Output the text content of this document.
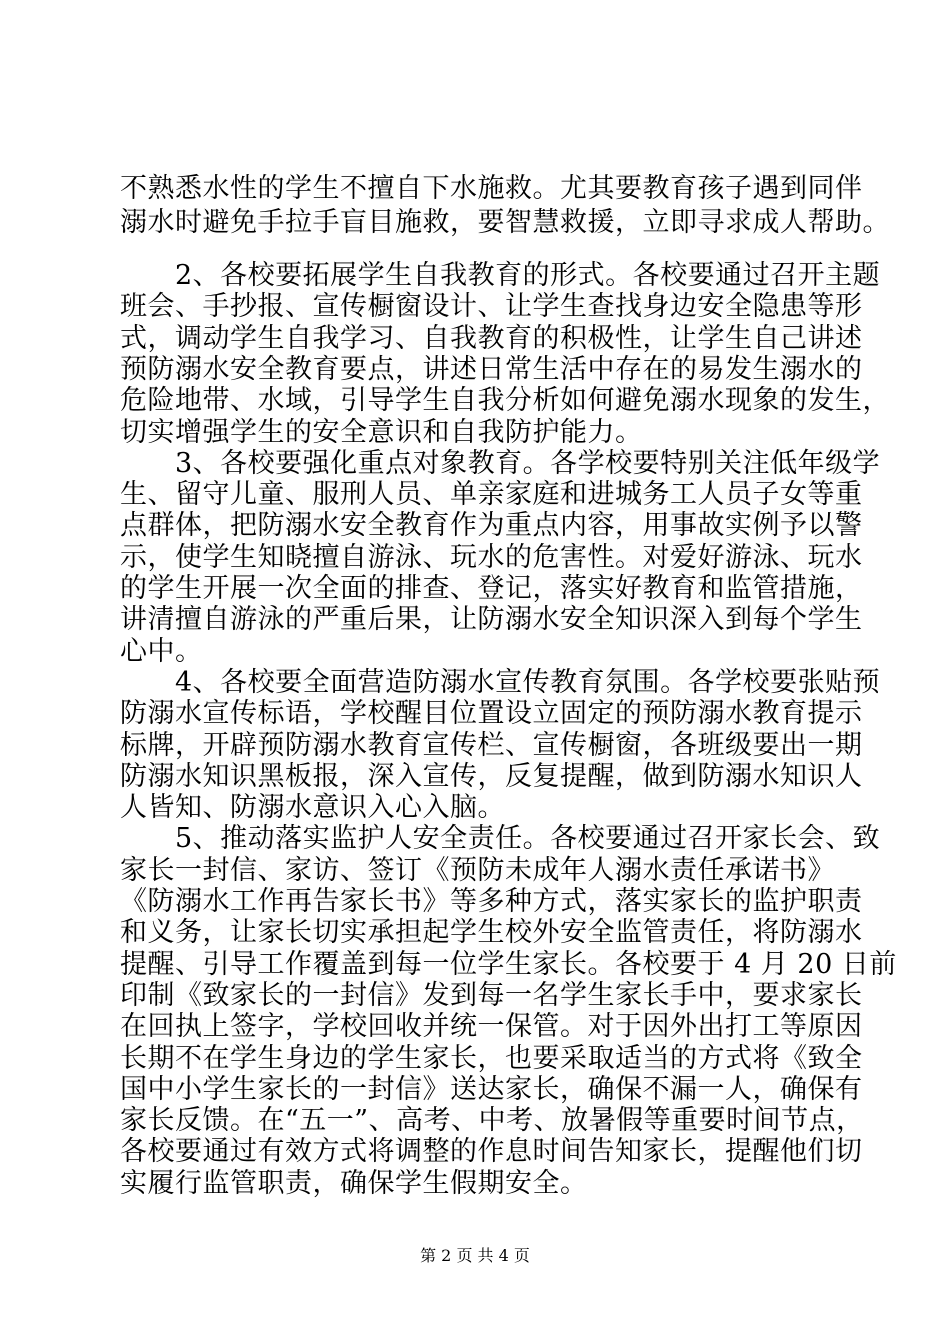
不熟悉水性的学生不擅自下水施救。尤其要教育孩子遇到同伴
溺水时避免手拉手盲目施救，要智慧救援，立即寻求成人帮助。
　　2、各校要拓展学生自我教育的形式。各校要通过召开主题
班会、手抄报、宣传橱窗设计、让学生查找身边安全隐患等形
式，调动学生自我学习、自我教育的积极性，让学生自己讲述
预防溺水安全教育要点，讲述日常生活中存在的易发生溺水的
危险地带、水域，引导学生自我分析如何避免溺水现象的发生，
切实增强学生的安全意识和自我防护能力。
　　3、各校要强化重点对象教育。各学校要特别关注低年级学
生、留守儿童、服刑人员、单亲家庭和进城务工人员子女等重
点群体，把防溺水安全教育作为重点内容，用事故实例予以警
示，使学生知晓擅自游泳、玩水的危害性。对爱好游泳、玩水
的学生开展一次全面的排查、登记，落实好教育和监管措施，
讲清擅自游泳的严重后果，让防溺水安全知识深入到每个学生
心中。
　　4、各校要全面营造防溺水宣传教育氛围。各学校要张贴预
防溺水宣传标语，学校醒目位置设立固定的预防溺水教育提示
标牌，开辟预防溺水教育宣传栏、宣传橱窗，各班级要出一期
防溺水知识黑板报，深入宣传，反复提醒，做到防溺水知识人
人皆知、防溺水意识入心入脑。
　　5、推动落实监护人安全责任。各校要通过召开家长会、致
家长一封信、家访、签订《预防未成年人溺水责任承诺书》
《防溺水工作再告家长书》等多种方式，落实家长的监护职责
和义务，让家长切实承担起学生校外安全监管责任，将防溺水
提醒、引导工作覆盖到每一位学生家长。各校要于 4 月 20 日前
印制《致家长的一封信》发到每一名学生家长手中，要求家长
在回执上签字，学校回收并统一保管。对于因外出打工等原因
长期不在学生身边的学生家长，也要采取适当的方式将《致全
国中小学生家长的一封信》送达家长，确保不漏一人，确保有
家长反馈。在“五一”、高考、中考、放暑假等重要时间节点，
各校要通过有效方式将调整的作息时间告知家长，提醒他们切
实履行监管职责，确保学生假期安全。
第 2 页 共 4 页
